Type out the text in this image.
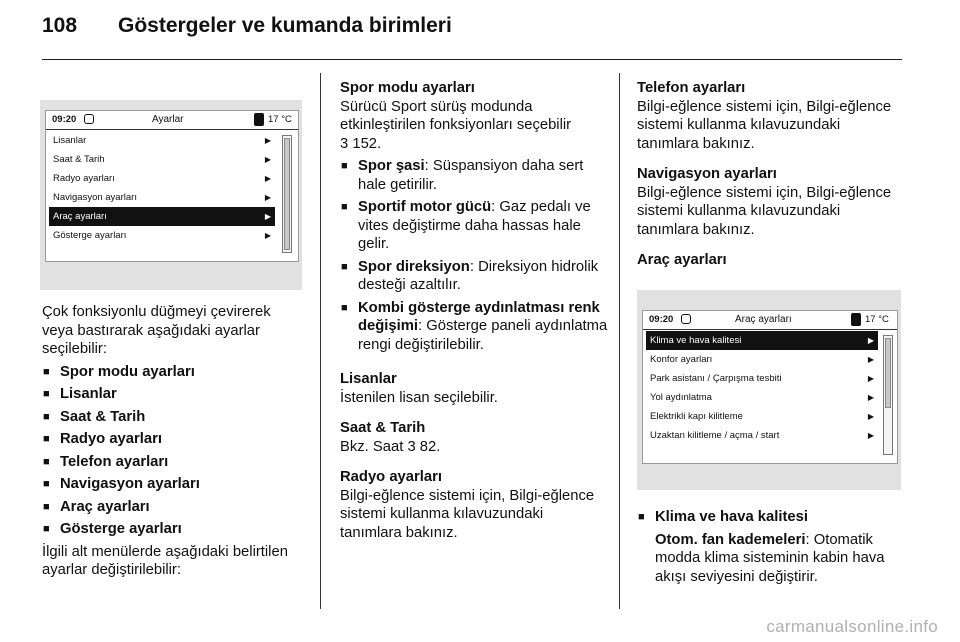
108 Göstergeler ve kumanda birimleri
09:20	Ayarlar	17 °C
Lisanlar	▶
Saat & Tarih	▶
Radyo ayarları	▶
Navigasyon ayarları	▶
Araç ayarları	▶
Gösterge ayarları	▶

Çok fonksiyonlu düğmeyi çevirerek veya bastırarak aşağıdaki ayarlar seçilebilir:

■ Spor modu ayarları
■ Lisanlar
■ Saat & Tarih
■ Radyo ayarları
■ Telefon ayarları
■ Navigasyon ayarları
■ Araç ayarları
■ Gösterge ayarları

İlgili alt menülerde aşağıdaki belirtilen ayarlar değiştirilebilir:

Spor modu ayarları

Sürücü Sport sürüş modunda etkinleştirilen fonksiyonları seçebilir

3 152.

■ Spor şasi: Süspansiyon daha sert hale getirilir.
■ Sportif motor gücü: Gaz pedalı ve vites değiştirme daha hassas hale gelir.
■ Spor direksiyon: Direksiyon hidrolik desteği azaltılır.
■ Kombi gösterge aydınlatması renk değişimi: Gösterge paneli aydınlatma rengi değiştirilebilir.

Lisanlar

İstenilen lisan seçilebilir.

Saat & Tarih

Bkz. Saat 3 82.

Radyo ayarları

Bilgi-eğlence sistemi için, Bilgi-eğlence sistemi kullanma kılavuzundaki tanımlara bakınız.

Telefon ayarları

Bilgi-eğlence sistemi için, Bilgi-eğlence sistemi kullanma kılavuzundaki tanımlara bakınız.

Navigasyon ayarları

Bilgi-eğlence sistemi için, Bilgi-eğlence sistemi kullanma kılavuzundaki tanımlara bakınız.

Araç ayarları

09:20	Araç ayarları	17 °C
Klima ve hava kalitesi	▶
Konfor ayarları	▶
Park asistanı / Çarpışma tesbiti	▶
Yol aydınlatma	▶
Elektrikli kapı kilitleme	▶
Uzaktan kilitleme / açma / start	▶
■ Klima ve hava kalitesi

Otom. fan kademeleri: Otomatik modda klima sisteminin kabin hava akışı seviyesini değiştirir.

carmanualsonline.info
